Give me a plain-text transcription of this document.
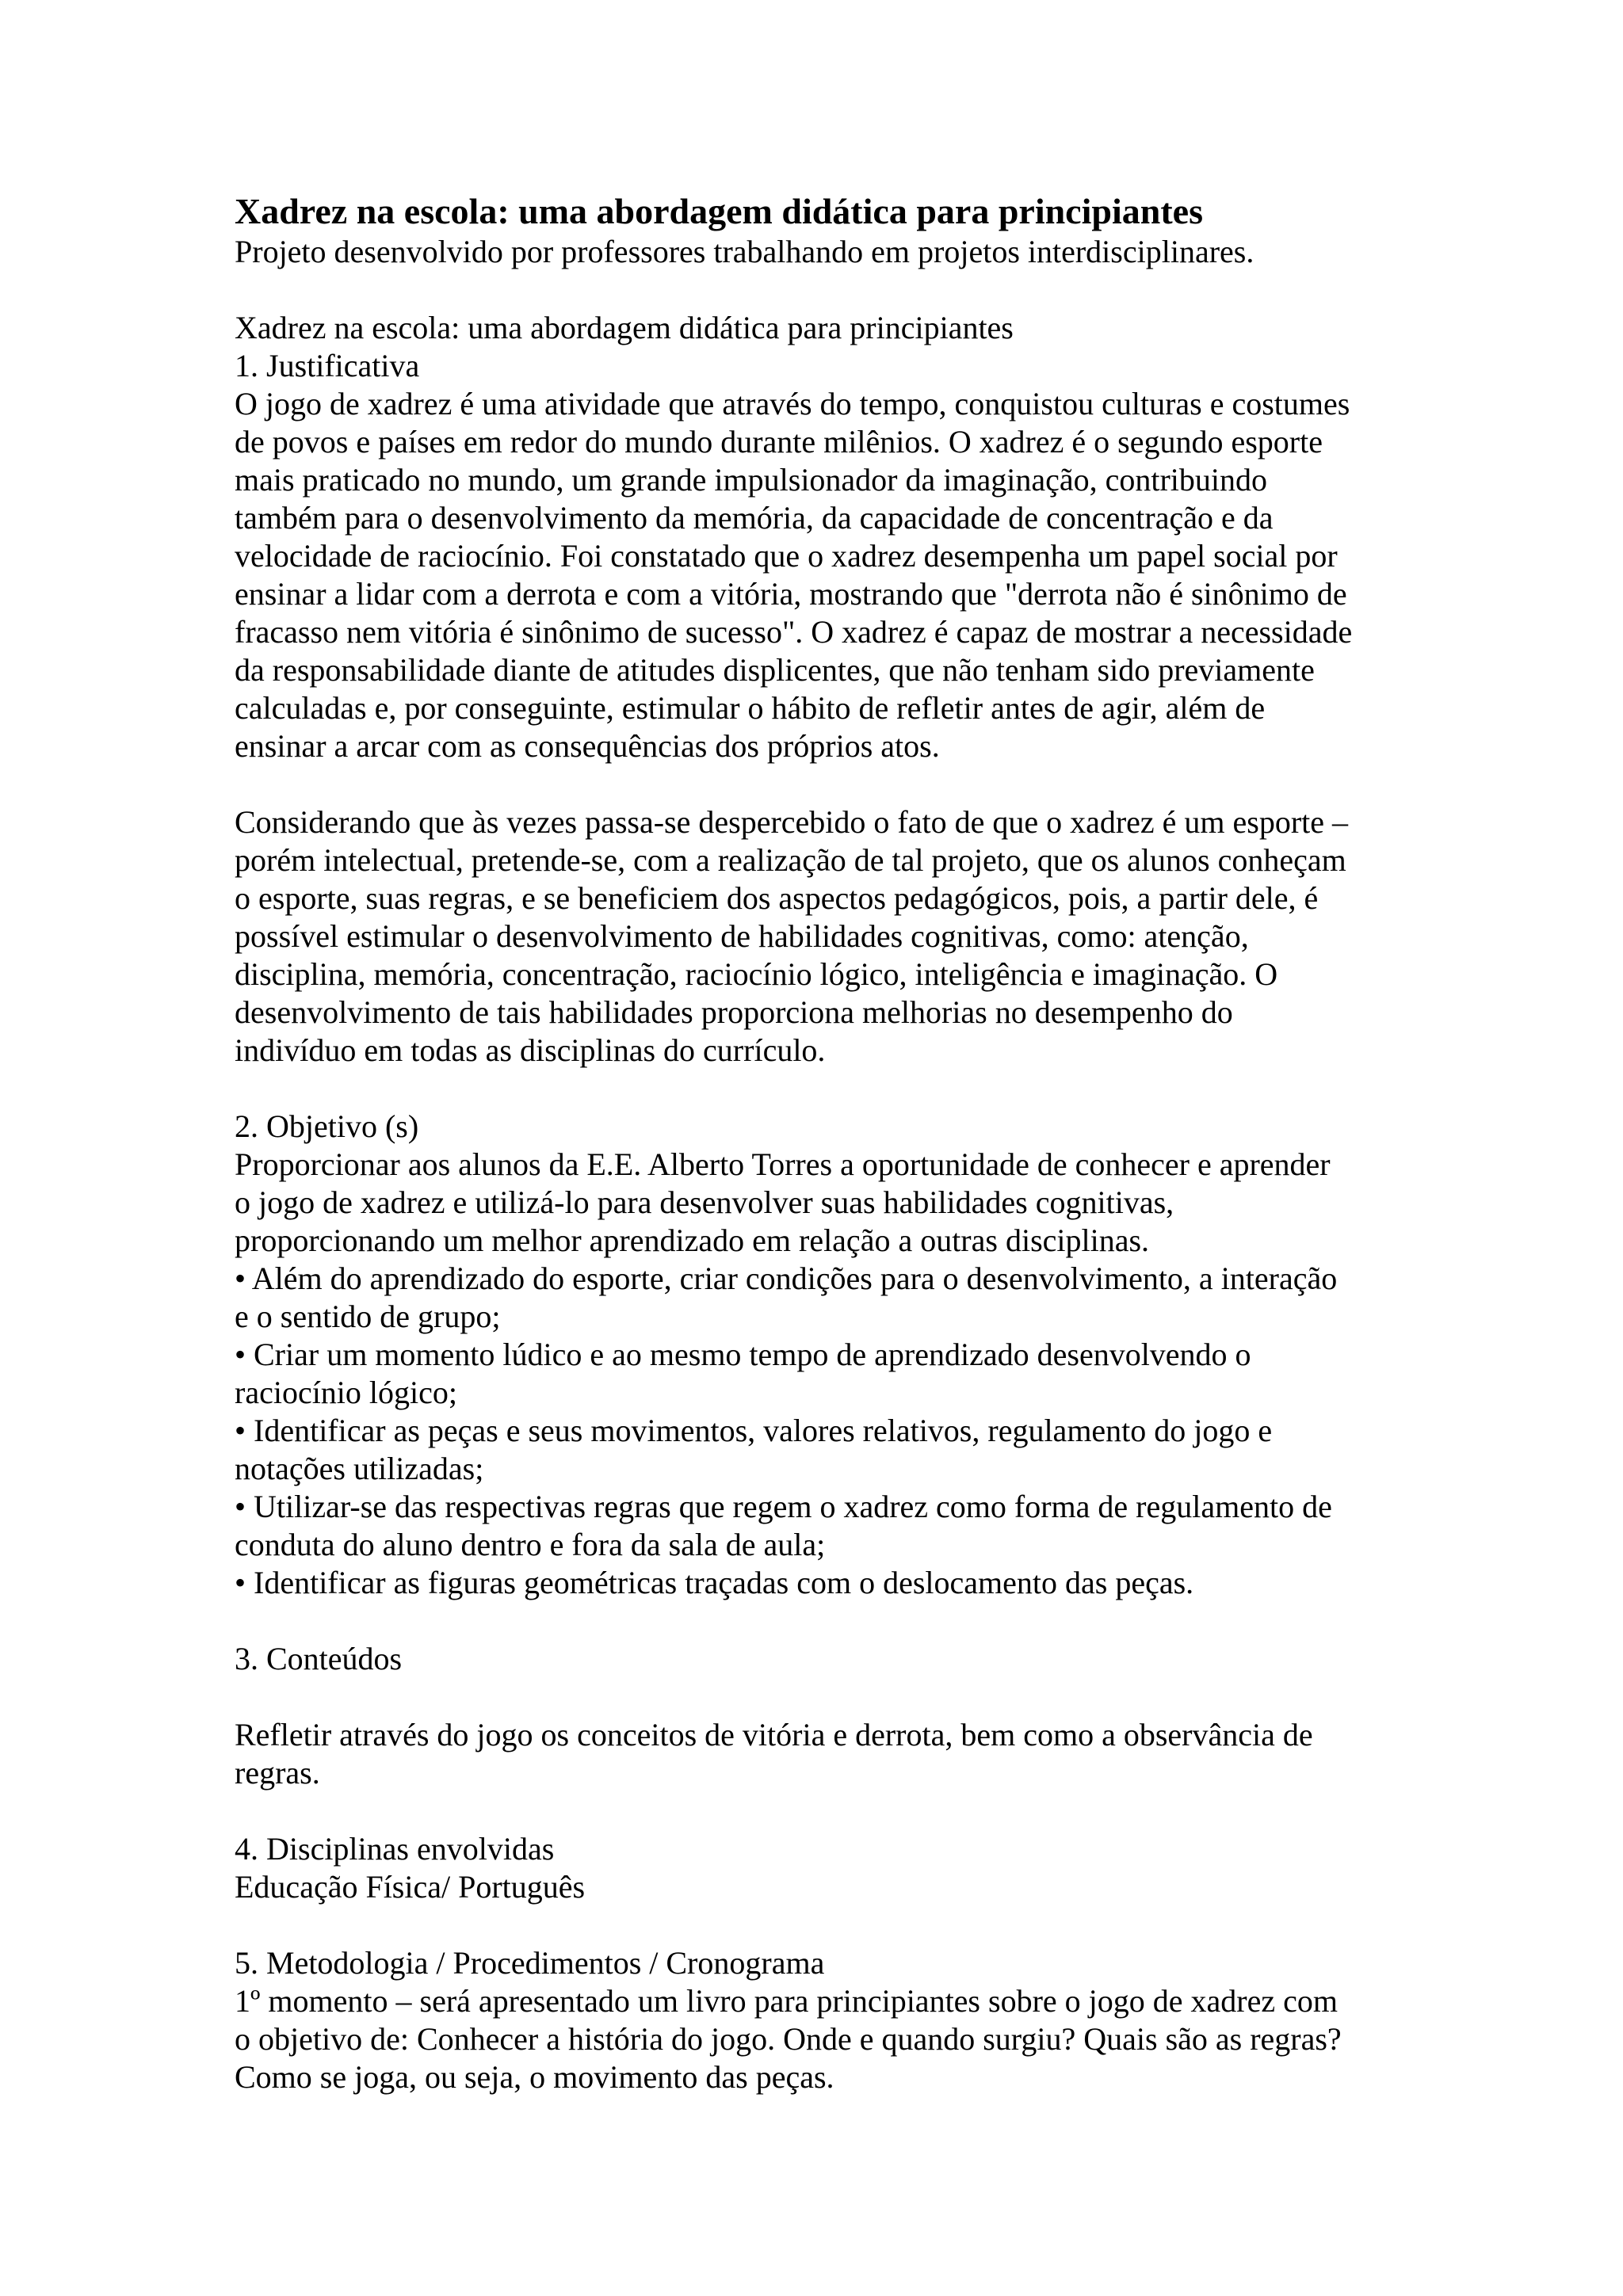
Xadrez na escola: uma abordagem didática para principiantes

Projeto desenvolvido por professores trabalhando em projetos interdisciplinares.

Xadrez na escola: uma abordagem didática para principiantes

1. Justificativa

O jogo de xadrez é uma atividade que através do tempo, conquistou culturas e costumes
de povos e países em redor do mundo durante milênios. O xadrez é o segundo esporte
mais praticado no mundo, um grande impulsionador da imaginação, contribuindo
também para o desenvolvimento da memória, da capacidade de concentração e da
velocidade de raciocínio. Foi constatado que o xadrez desempenha um papel social por
ensinar a lidar com a derrota e com a vitória, mostrando que "derrota não é sinônimo de
fracasso nem vitória é sinônimo de sucesso". O xadrez é capaz de mostrar a necessidade
da responsabilidade diante de atitudes displicentes, que não tenham sido previamente
calculadas e, por conseguinte, estimular o hábito de refletir antes de agir, além de
ensinar a arcar com as consequências dos próprios atos.

Considerando que às vezes passa-se despercebido o fato de que o xadrez é um esporte –
porém intelectual, pretende-se, com a realização de tal projeto, que os alunos conheçam
o esporte, suas regras, e se beneficiem dos aspectos pedagógicos, pois, a partir dele, é
possível estimular o desenvolvimento de habilidades cognitivas, como: atenção,
disciplina, memória, concentração, raciocínio lógico, inteligência e imaginação. O
desenvolvimento de tais habilidades proporciona melhorias no desempenho do
indivíduo em todas as disciplinas do currículo.

2. Objetivo (s)

Proporcionar aos alunos da E.E. Alberto Torres a oportunidade de conhecer e aprender
o jogo de xadrez e utilizá-lo para desenvolver suas habilidades cognitivas,
proporcionando um melhor aprendizado em relação a outras disciplinas.
• Além do aprendizado do esporte, criar condições para o desenvolvimento, a interação
e o sentido de grupo;
• Criar um momento lúdico e ao mesmo tempo de aprendizado desenvolvendo o
raciocínio lógico;
• Identificar as peças e seus movimentos, valores relativos, regulamento do jogo e
notações utilizadas;
• Utilizar-se das respectivas regras que regem o xadrez como forma de regulamento de
conduta do aluno dentro e fora da sala de aula;
• Identificar as figuras geométricas traçadas com o deslocamento das peças.

3. Conteúdos

Refletir através do jogo os conceitos de vitória e derrota, bem como a observância de
regras.

4. Disciplinas envolvidas

Educação Física/ Português

5. Metodologia / Procedimentos / Cronograma

1º momento – será apresentado um livro para principiantes sobre o jogo de xadrez com
o objetivo de: Conhecer a história do jogo. Onde e quando surgiu? Quais são as regras?
Como se joga, ou seja, o movimento das peças.
